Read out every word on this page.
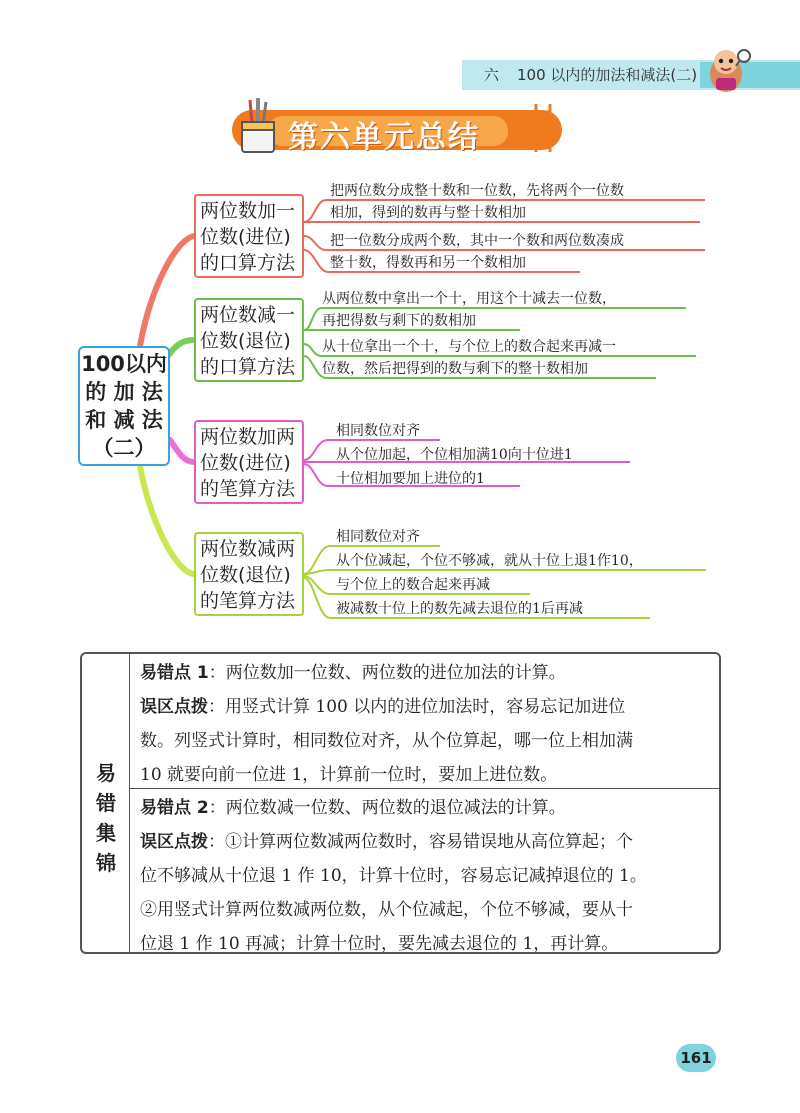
六 100 以内的加法和减法(二)
第六单元总结
100以内
的 加 法
和 减 法
（二）
两位数加一
位数(进位)
的口算方法
两位数减一
位数(退位)
的口算方法
两位数加两
位数(进位)
的笔算方法
两位数减两
位数(退位)
的笔算方法
把两位数分成整十数和一位数，先将两个一位数
相加，得到的数再与整十数相加
把一位数分成两个数，其中一个数和两位数凑成
整十数，得数再和另一个数相加
从两位数中拿出一个十，用这个十减去一位数，
再把得数与剩下的数相加
从十位拿出一个十，与个位上的数合起来再减一
位数，然后把得到的数与剩下的整十数相加
相同数位对齐
从个位加起，个位相加满10向十位进1
十位相加要加上进位的1
相同数位对齐
从个位减起，个位不够减，就从十位上退1作10，
与个位上的数合起来再减
被减数十位上的数先减去退位的1后再减
易
错
集
锦

易错点 1：两位数加一位数、两位数的进位加法的计算。

误区点拨：用竖式计算 100 以内的进位加法时，容易忘记加进位

数。列竖式计算时，相同数位对齐，从个位算起，哪一位上相加满

10 就要向前一位进 1，计算前一位时，要加上进位数。

易错点 2：两位数减一位数、两位数的退位减法的计算。

误区点拨：①计算两位数减两位数时，容易错误地从高位算起；个

位不够减从十位退 1 作 10，计算十位时，容易忘记减掉退位的 1。

②用竖式计算两位数减两位数，从个位减起，个位不够减，要从十

位退 1 作 10 再减；计算十位时，要先减去退位的 1，再计算。

161
